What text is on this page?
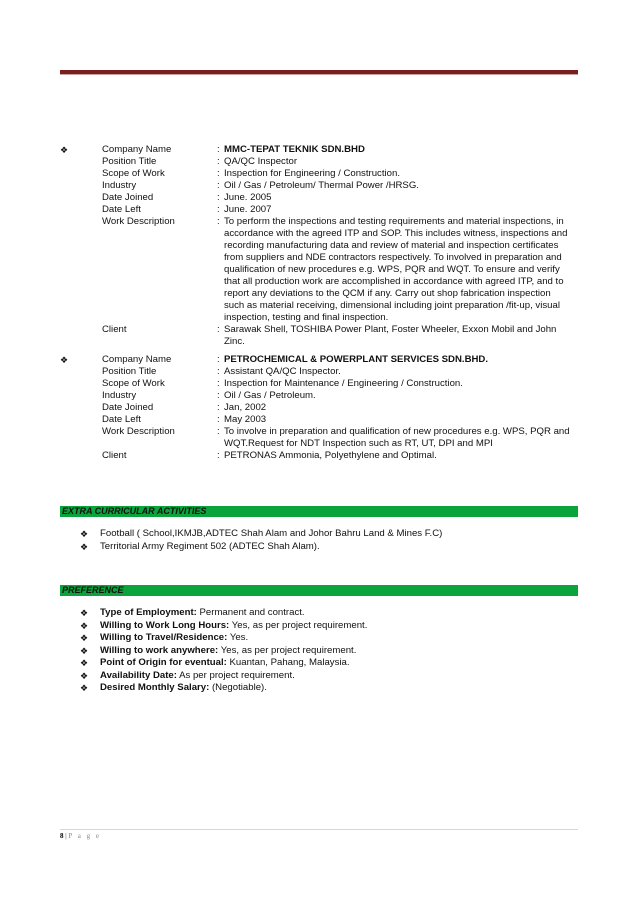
❖	Company Name	: MMC-TEPAT TEKNIK SDN.BHD
Position Title	: QA/QC Inspector
Scope of Work	: Inspection for Engineering / Construction.
Industry	: Oil / Gas / Petroleum/ Thermal Power /HRSG.
Date Joined	: June. 2005
Date Left	: June. 2007
Work Description	: To perform the inspections and testing requirements and material inspections, in accordance with the agreed ITP and SOP. This includes witness, inspections and recording manufacturing data and review of material and inspection certificates from suppliers and NDE contractors respectively. To involved in preparation and qualification of new procedures e.g. WPS, PQR and WQT. To ensure and verify that all production work are accomplished in accordance with agreed ITP, and to report any deviations to the QCM if any. Carry out shop fabrication inspection such as material receiving, dimensional including joint preparation /fit-up, visual inspection, testing and final inspection.
Client	: Sarawak Shell, TOSHIBA Power Plant, Foster Wheeler, Exxon Mobil and John Zinc.
❖	Company Name	: PETROCHEMICAL & POWERPLANT SERVICES SDN.BHD.
Position Title	: Assistant QA/QC Inspector.
Scope of Work	: Inspection for Maintenance / Engineering / Construction.
Industry	: Oil / Gas / Petroleum.
Date Joined	: Jan, 2002
Date Left	: May 2003
Work Description	: To involve in preparation and qualification of new procedures e.g. WPS, PQR and WQT.Request for NDT Inspection such as RT, UT, DPI and MPI
Client	: PETRONAS Ammonia, Polyethylene and Optimal.
EXTRA CURRICULAR ACTIVITIES
❖ Football ( School,IKMJB,ADTEC Shah Alam and Johor Bahru Land & Mines F.C)
❖ Territorial Army Regiment 502 (ADTEC Shah Alam).
PREFERENCE
❖ Type of Employment: Permanent and contract.
❖ Willing to Work Long Hours: Yes, as per project requirement.
❖ Willing to Travel/Residence: Yes.
❖ Willing to work anywhere: Yes, as per project requirement.
❖ Point of Origin for eventual: Kuantan, Pahang, Malaysia.
❖ Availability Date: As per project requirement.
❖ Desired Monthly Salary: (Negotiable).
8 | P a g e
